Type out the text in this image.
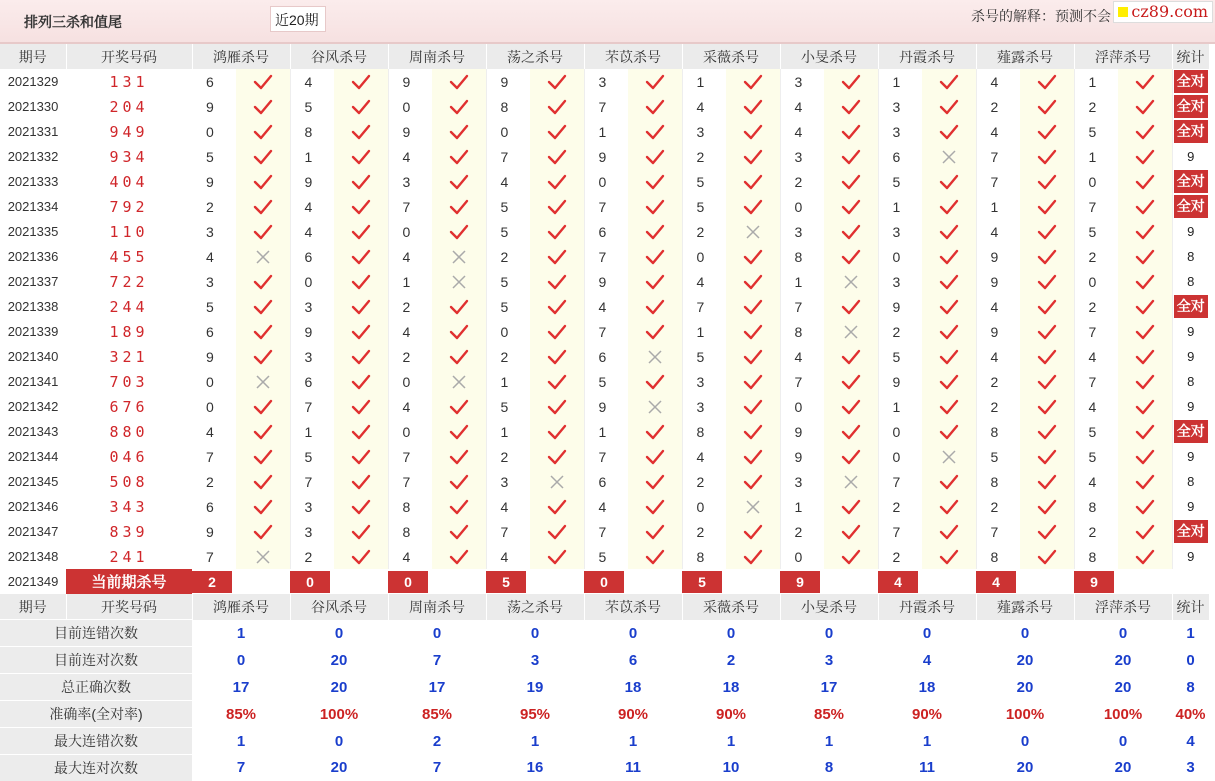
排列三杀和值尾	近20期	杀号的解释：预测不会	cz89.com
期号	开奖号码	鸿雁杀号		谷风杀号		周南杀号		荡之杀号		芣苡杀号		采薇杀号		小旻杀号		丹霞杀号		薤露杀号		浮萍杀号		统计
2021329	131	6		4		9		9		3		1		3		1		4		1		全对

2021330	204	9		5		0		8		7		4		4		3		2		2		全对

2021331	949	0		8		9		0		1		3		4		3		4		5		全对

2021332	934	5		1		4		7		9		2		3		6		7		1		9
2021333	404	9		9		3		4		0		5		2		5		7		0		全对

2021334	792	2		4		7		5		7		5		0		1		1		7		全对

2021335	110	3		4		0		5		6		2		3		3		4		5		9
2021336	455	4		6		4		2		7		0		8		0		9		2		8
2021337	722	3		0		1		5		9		4		1		3		9		0		8
2021338	244	5		3		2		5		4		7		7		9		4		2		全对

2021339	189	6		9		4		0		7		1		8		2		9		7		9
2021340	321	9		3		2		2		6		5		4		5		4		4		9
2021341	703	0		6		0		1		5		3		7		9		2		7		8
2021342	676	0		7		4		5		9		3		0		1		2		4		9
2021343	880	4		1		0		1		1		8		9		0		8		5		全对

2021344	046	7		5		7		2		7		4		9		0		5		5		9
2021345	508	2		7		7		3		6		2		3		7		8		4		8
2021346	343	6		3		8		4		4		0		1		2		2		8		9
2021347	839	9		3		8		7		7		2		2		7		7		2		全对

2021348	241	7		2		4		4		5		8		0		2		8		8		9
2021349	当前期杀号	2		0		0		5		0		5		9		4		4		9		

期号	开奖号码	鸿雁杀号		谷风杀号		周南杀号		荡之杀号		芣苡杀号		采薇杀号		小旻杀号		丹霞杀号		薤露杀号		浮萍杀号		统计
目前连错次数		1		0		0		0		0		0		0		0		0		0		1
目前连对次数		0		20		7		3		6		2		3		4		20		20		0
总正确次数		17		20		17		19		18		18		17		18		20		20		8
准确率(全对率)		85%		100%		85%		95%		90%		90%		85%		90%		100%		100%		40%
最大连错次数		1		0		2		1		1		1		1		1		0		0		4
最大连对次数		7		20		7		16		11		10		8		11		20		20		3
